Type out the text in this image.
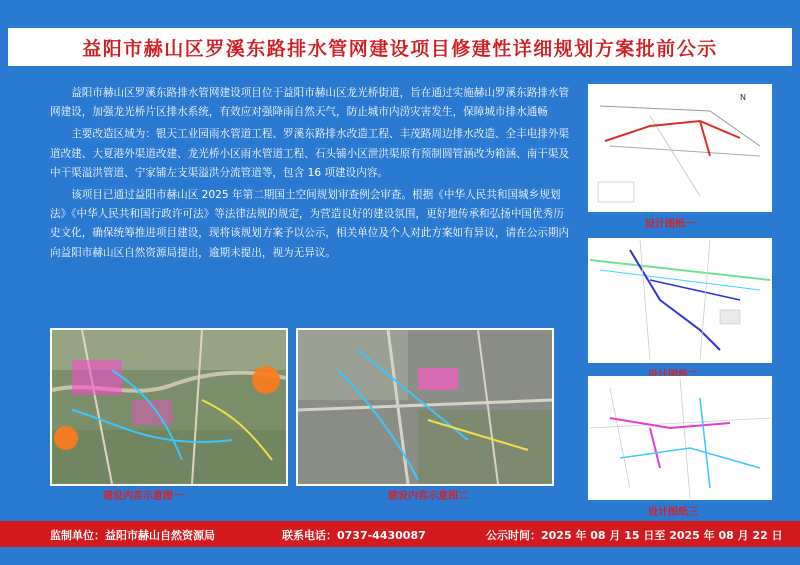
益阳市赫山区罗溪东路排水管网建设项目修建性详细规划方案批前公示

益阳市赫山区罗溪东路排水管网建设项目位于益阳市赫山区龙光桥街道，旨在通过实施赫山罗溪东路排水管网建设，加强龙光桥片区排水系统，有效应对强降雨自然天气，防止城市内涝灾害发生，保障城市排水通畅

主要改造区域为：银天工业园雨水管道工程、罗溪东路排水改造工程、丰茂路周边排水改造、全丰电排外渠道改建、大夏港外渠道改建、龙光桥小区雨水管道工程、石头铺小区泄洪渠原有预制圆管涵改为箱涵、南干渠及中干渠溢洪管道、宁家铺左支渠溢洪分流管道等，包含 16 项建设内容。

该项目已通过益阳市赫山区 2025 年第二期国土空间规划审查例会审查。根据《中华人民共和国城乡规划法》《中华人民共和国行政许可法》等法律法规的规定，为营造良好的建设氛围，更好地传承和弘扬中国优秀历史文化，确保统筹推进项目建设，现将该规划方案予以公示，相关单位及个人对此方案如有异议，请在公示期内向益阳市赫山区自然资源局提出，逾期未提出，视为无异议。

建设内容示意图一	建设内容示意图二
N
设计图纸一
设计图纸三
监制单位：益阳市赫山自然资源局	联系电话：0737-4430087	公示时间：2025 年 08 月 15 日至 2025 年 08 月 22 日
